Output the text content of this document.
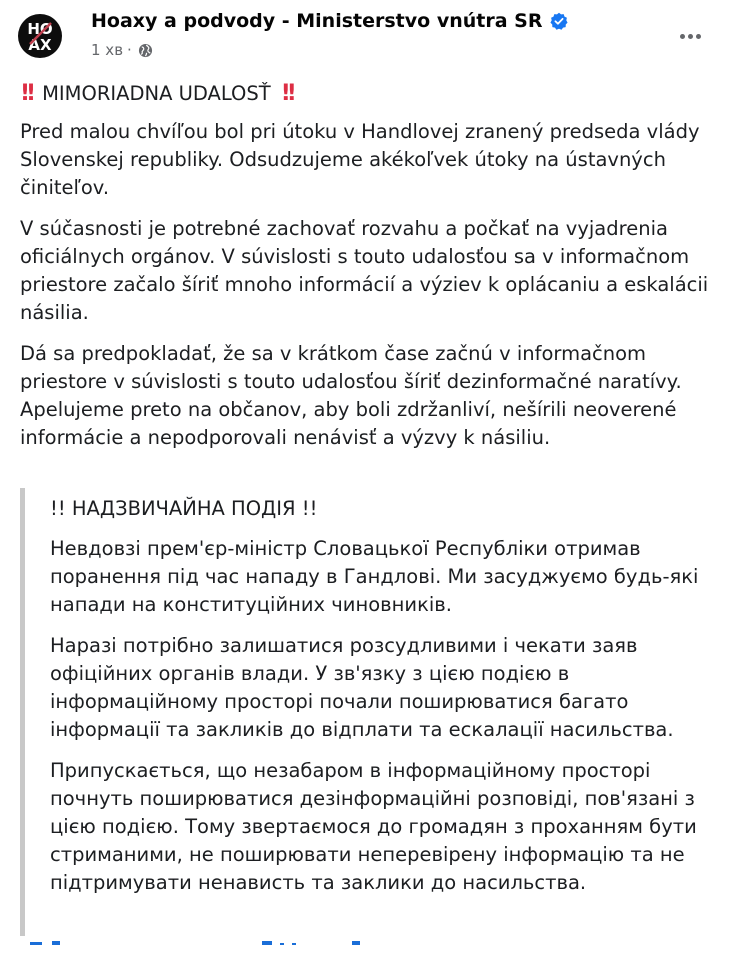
HO
AX
Hoaxy a podvody - Ministerstvo vnútra SR
1 хв ·
!! MIMORIADNA UDALOSŤ !!

Pred malou chvíľou bol pri útoku v Handlovej zranený predseda vlády Slovenskej republiky. Odsudzujeme akékoľvek útoky na ústavných činiteľov.

V súčasnosti je potrebné zachovať rozvahu a počkať na vyjadrenia oficiálnych orgánov. V súvislosti s touto udalosťou sa v informačnom priestore začalo šíriť mnoho informácií a výziev k oplácaniu a eskalácii násilia.

Dá sa predpokladať, že sa v krátkom čase začnú v informačnom priestore v súvislosti s touto udalosťou šíriť dezinformačné naratívy. Apelujeme preto na občanov, aby boli zdržanliví, nešírili neoverené informácie a nepodporovali nenávisť a výzvy k násiliu.

!! НАДЗВИЧАЙНА ПОДІЯ !!

Невдовзі прем'єр-міністр Словацької Республіки отримав поранення під час нападу в Гандлові. Ми засуджуємо будь-які напади на конституційних чиновників.

Наразі потрібно залишатися розсудливими і чекати заяв офіційних органів влади. У зв'язку з цією подією в інформаційному просторі почали поширюватися багато інформації та закликів до відплати та ескалації насильства.

Припускається, що незабаром в інформаційному просторі почнуть поширюватися дезінформаційні розповіді, пов'язані з цією подією. Тому звертаємося до громадян з проханням бути стриманими, не поширювати неперевірену інформацію та не підтримувати ненависть та заклики до насильства.
